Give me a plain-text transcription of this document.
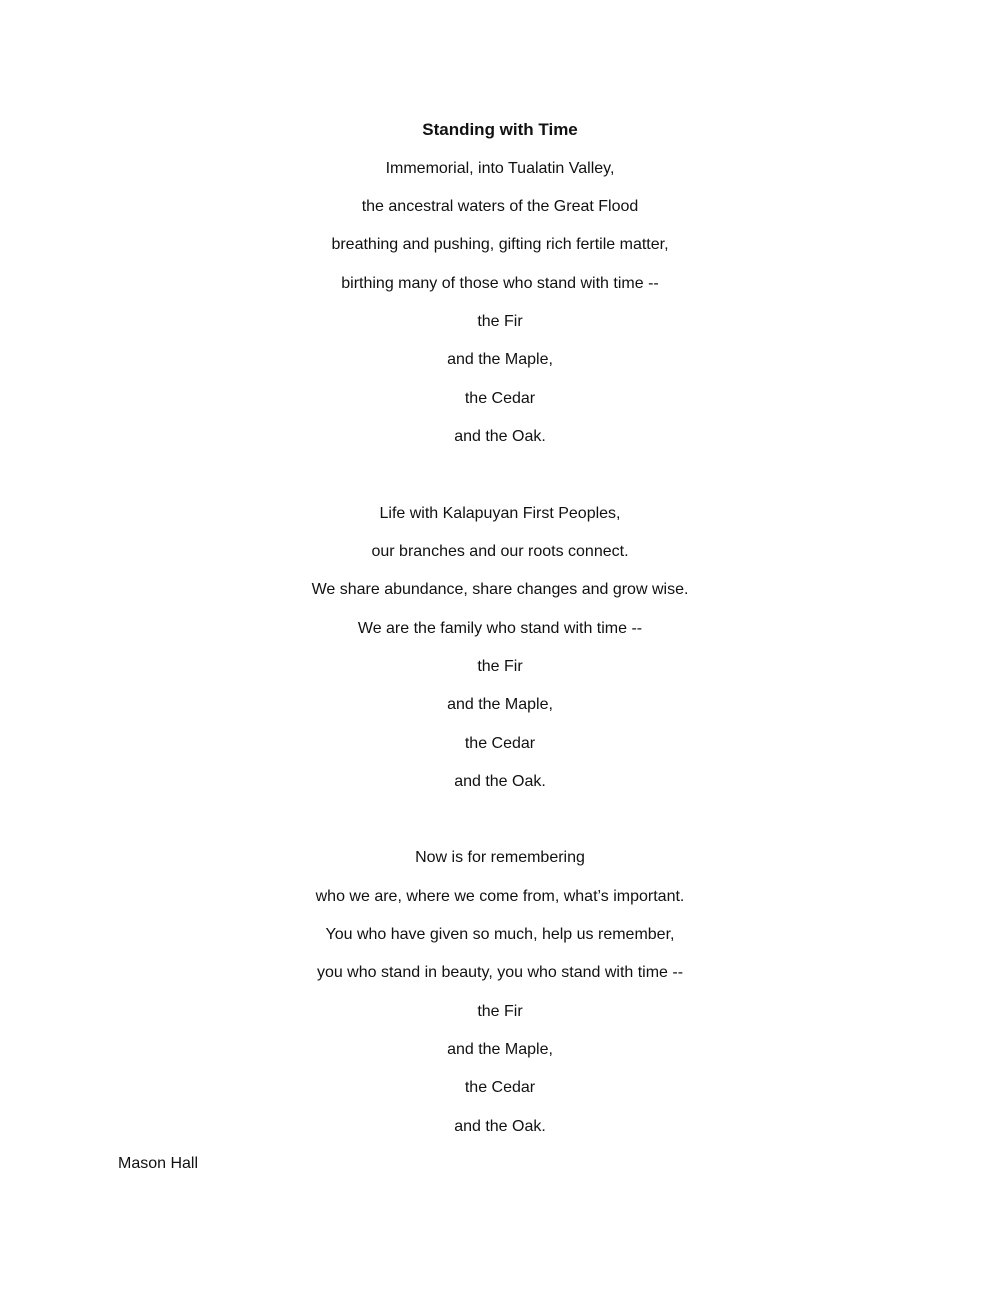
Standing with Time
Immemorial, into Tualatin Valley,
the ancestral waters of the Great Flood
breathing and pushing, gifting rich fertile matter,
birthing many of those who stand with time --
the Fir
and the Maple,
the Cedar
and the Oak.
Life with Kalapuyan First Peoples,
our branches and our roots connect.
We share abundance, share changes and grow wise.
We are the family who stand with time --
the Fir
and the Maple,
the Cedar
and the Oak.
Now is for remembering
who we are, where we come from, what’s important.
You who have given so much, help us remember,
you who stand in beauty, you who stand with time --
the Fir
and the Maple,
the Cedar
and the Oak.
Mason Hall
